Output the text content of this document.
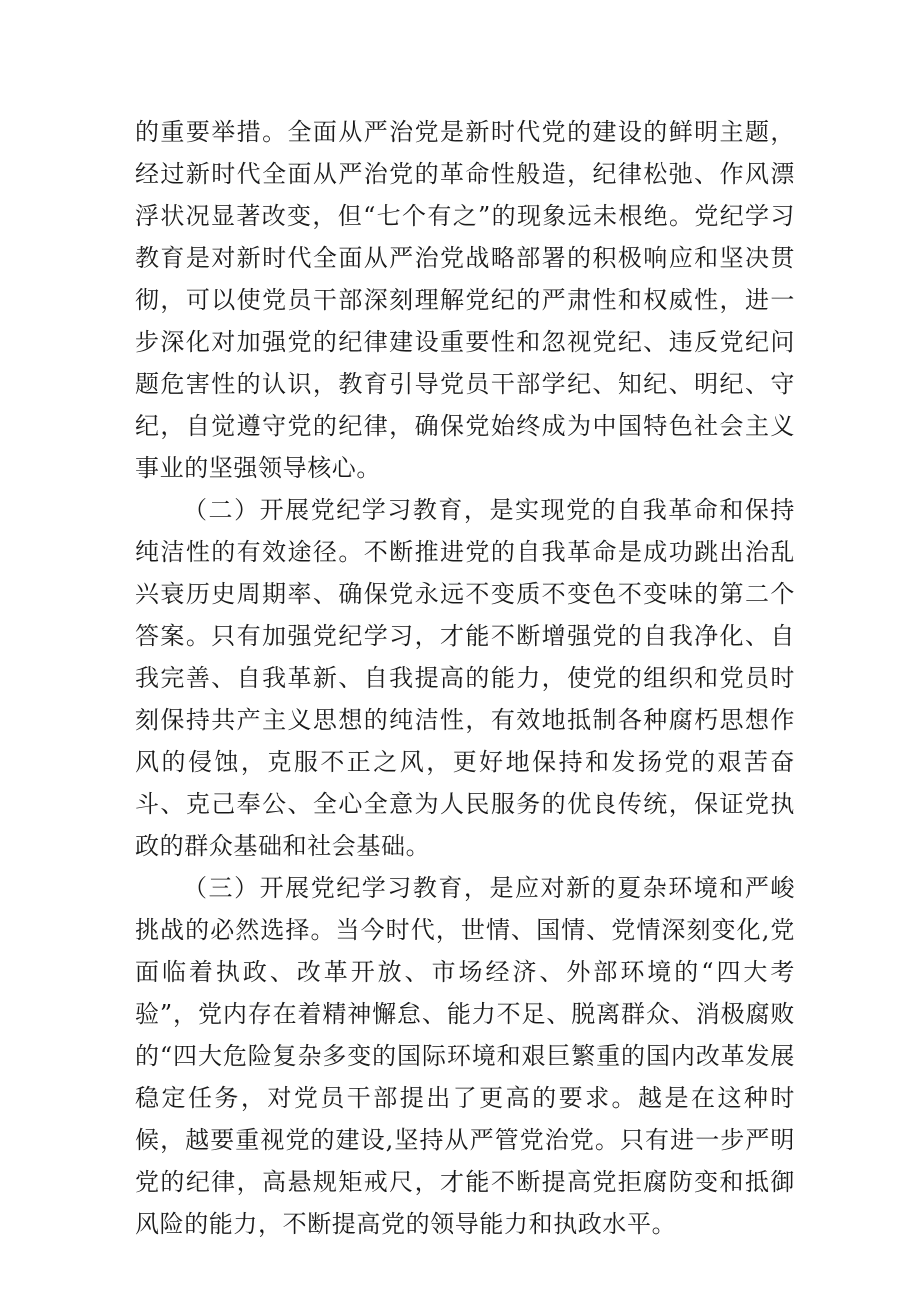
的重要举措。全面从严治党是新时代党的建设的鲜明主题，经过新时代全面从严治党的革命性般造，纪律松弛、作风漂浮状况显著改变，但“七个有之”的现象远未根绝。党纪学习教育是对新时代全面从严治党战略部署的积极响应和坚决贯彻，可以使党员干部深刻理解党纪的严肃性和权威性，进一步深化对加强党的纪律建设重要性和忽视党纪、违反党纪问题危害性的认识，教育引导党员干部学纪、知纪、明纪、守纪，自觉遵守党的纪律，确保党始终成为中国特色社会主义事业的坚强领导核心。

（二）开展党纪学习教育，是实现党的自我革命和保持纯洁性的有效途径。不断推进党的自我革命是成功跳出治乱兴衰历史周期率、确保党永远不变质不变色不变味的第二个答案。只有加强党纪学习，才能不断增强党的自我净化、自我完善、自我革新、自我提高的能力，使党的组织和党员时刻保持共产主义思想的纯洁性，有效地抵制各种腐朽思想作风的侵蚀，克服不正之风，更好地保持和发扬党的艰苦奋斗、克己奉公、全心全意为人民服务的优良传统，保证党执政的群众基础和社会基础。

（三）开展党纪学习教育，是应对新的夏杂环境和严峻挑战的必然选择。当今时代，世情、国情、党情深刻变化,党面临着执政、改革开放、市场经济、外部环境的“四大考验”，党内存在着精神懈怠、能力不足、脱离群众、消极腐败的“四大危险复杂多变的国际环境和艰巨繁重的国内改革发展稳定任务，对党员干部提出了更高的要求。越是在这种时候，越要重视党的建设,坚持从严管党治党。只有进一步严明党的纪律，高悬规矩戒尺，才能不断提高党拒腐防变和抵御风险的能力，不断提高党的领导能力和执政水平。
